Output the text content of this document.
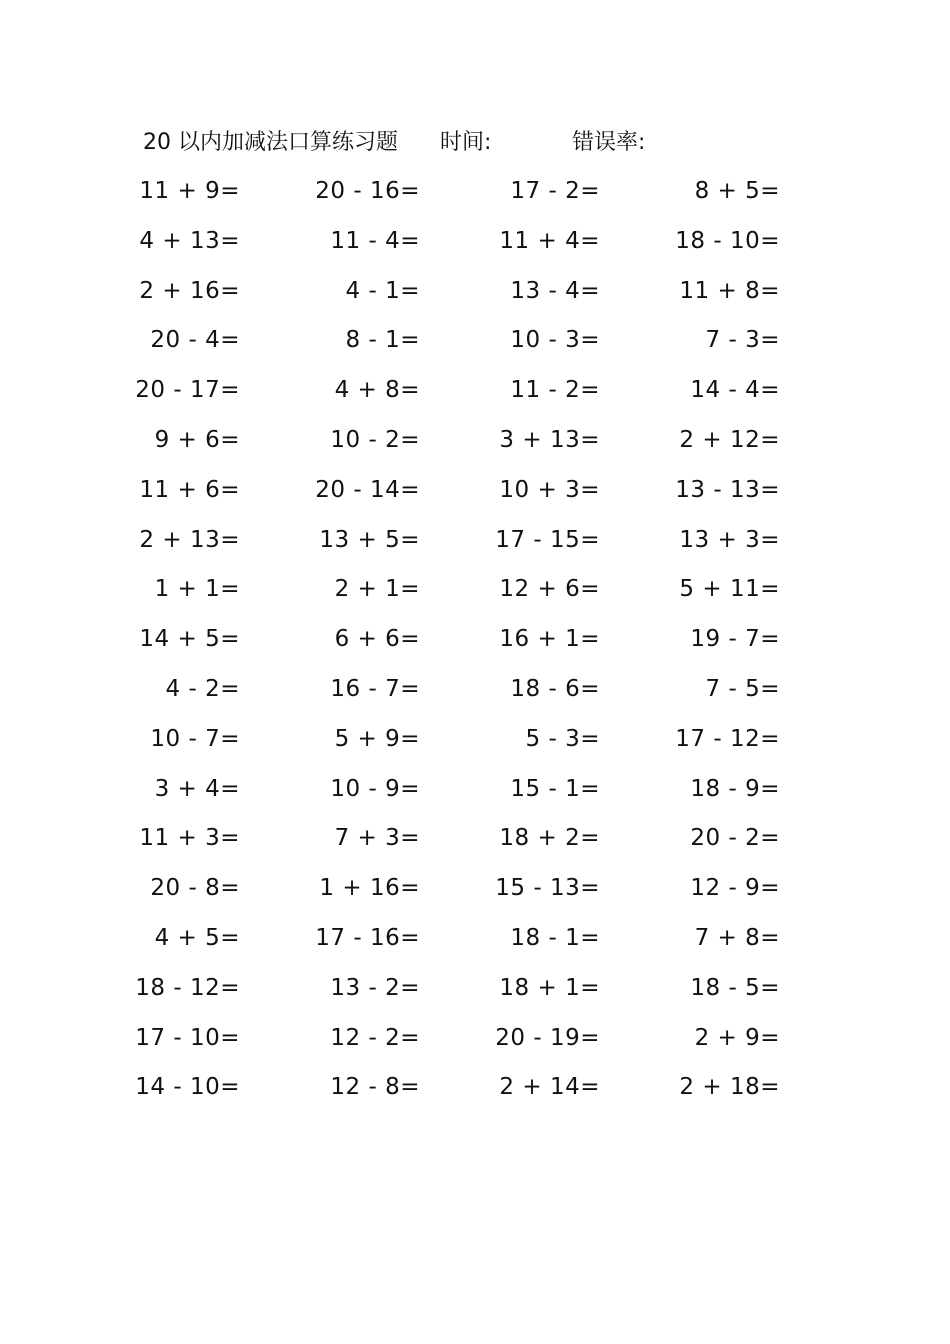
20 以内加减法口算练习题 时间:	错误率:
11 + 9=	20 - 16=	17 - 2=	8 + 5=
4 + 13=	11 - 4=	11 + 4=	18 - 10=
2 + 16=	4 - 1=	13 - 4=	11 + 8=
20 - 4=	8 - 1=	10 - 3=	7 - 3=
20 - 17=	4 + 8=	11 - 2=	14 - 4=
9 + 6=	10 - 2=	3 + 13=	2 + 12=
11 + 6=	20 - 14=	10 + 3=	13 - 13=
2 + 13=	13 + 5=	17 - 15=	13 + 3=
1 + 1=	2 + 1=	12 + 6=	5 + 11=
14 + 5=	6 + 6=	16 + 1=	19 - 7=
4 - 2=	16 - 7=	18 - 6=	7 - 5=
10 - 7=	5 + 9=	5 - 3=	17 - 12=
3 + 4=	10 - 9=	15 - 1=	18 - 9=
11 + 3=	7 + 3=	18 + 2=	20 - 2=
20 - 8=	1 + 16=	15 - 13=	12 - 9=
4 + 5=	17 - 16=	18 - 1=	7 + 8=
18 - 12=	13 - 2=	18 + 1=	18 - 5=
17 - 10=	12 - 2=	20 - 19=	2 + 9=
14 - 10=	12 - 8=	2 + 14=	2 + 18=
